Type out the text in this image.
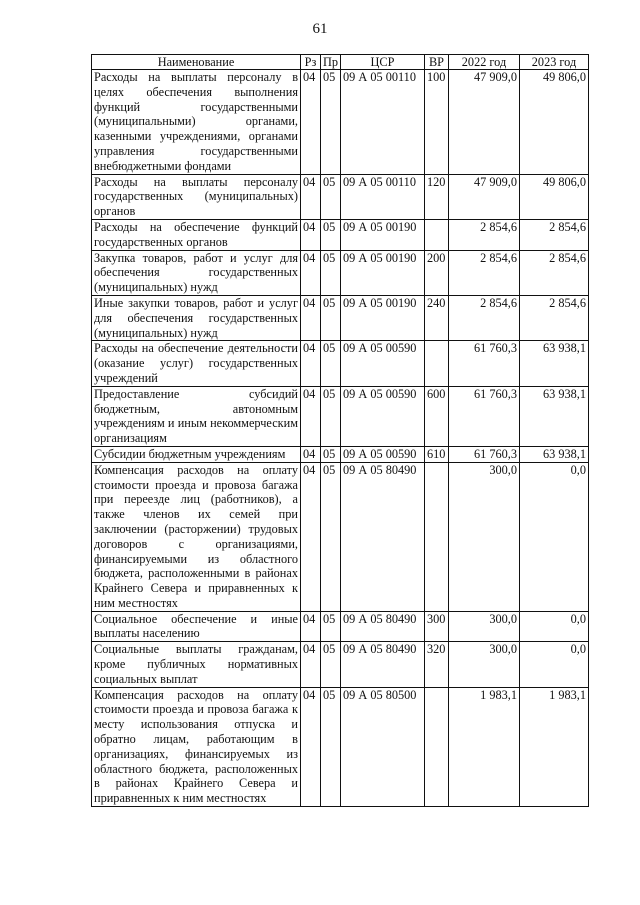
61
Наименование	Рз	Пр	ЦСР	ВР	2022 год	2023 год
Расходы на выплаты персоналу в целях обеспечения выполнения функций государственными (муниципальными) органами, казенными учреждениями, органами управления государственными внебюджетными фондами	04	05	09 А 05 00110	100	47 909,0	49 806,0
Расходы на выплаты персоналу государственных (муниципальных) органов	04	05	09 А 05 00110	120	47 909,0	49 806,0
Расходы на обеспечение функций государственных органов	04	05	09 А 05 00190		2 854,6	2 854,6
Закупка товаров, работ и услуг для обеспечения государственных (муниципальных) нужд	04	05	09 А 05 00190	200	2 854,6	2 854,6
Иные закупки товаров, работ и услуг для обеспечения государственных (муниципальных) нужд	04	05	09 А 05 00190	240	2 854,6	2 854,6
Расходы на обеспечение деятельности (оказание услуг) государственных учреждений	04	05	09 А 05 00590		61 760,3	63 938,1
Предоставление субсидий бюджетным, автономным учреждениям и иным некоммерческим организациям	04	05	09 А 05 00590	600	61 760,3	63 938,1
Субсидии бюджетным учреждениям	04	05	09 А 05 00590	610	61 760,3	63 938,1
Компенсация расходов на оплату стоимости проезда и провоза багажа при переезде лиц (работников), а также членов их семей при заключении (расторжении) трудовых договоров с организациями, финансируемыми из областного бюджета, расположенными в районах Крайнего Севера и приравненных к ним местностях	04	05	09 А 05 80490		300,0	0,0
Социальное обеспечение и иные выплаты населению	04	05	09 А 05 80490	300	300,0	0,0
Социальные выплаты гражданам, кроме публичных нормативных социальных выплат	04	05	09 А 05 80490	320	300,0	0,0
Компенсация расходов на оплату стоимости проезда и провоза багажа к месту использования отпуска и обратно лицам, работающим в организациях, финансируемых из областного бюджета, расположенных в районах Крайнего Севера и приравненных к ним местностях	04	05	09 А 05 80500		1 983,1	1 983,1
